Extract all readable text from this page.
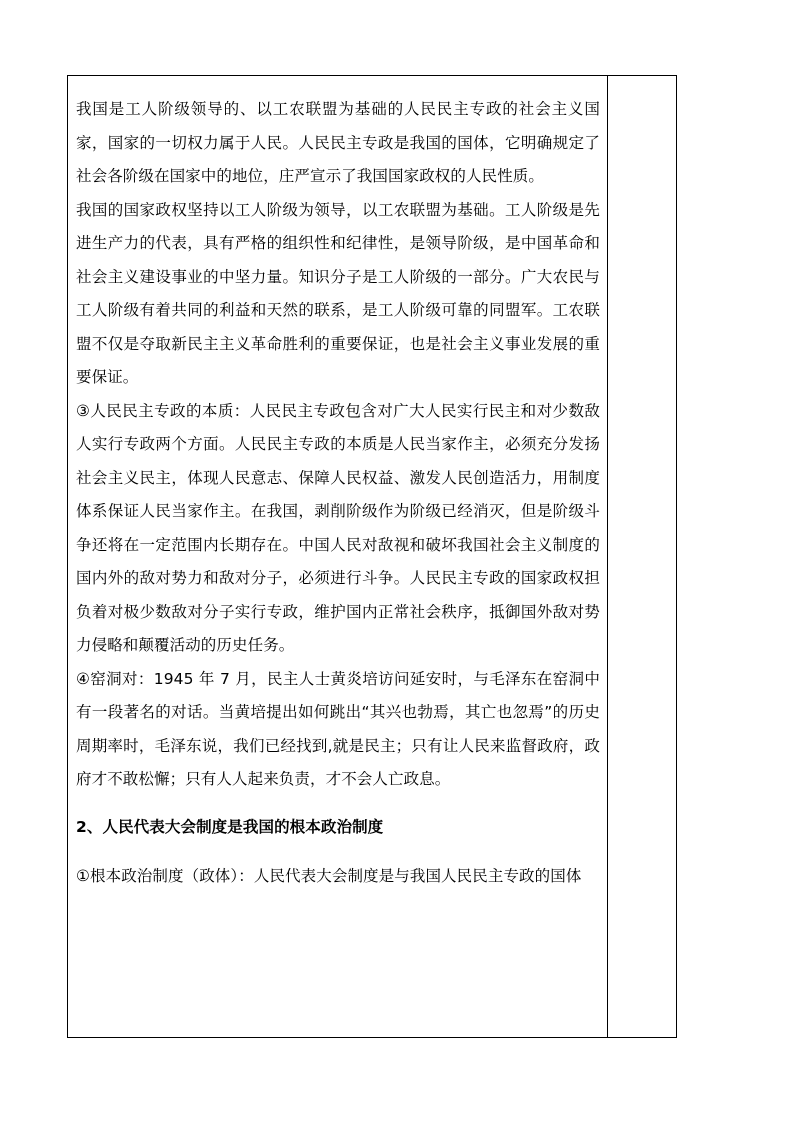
我国是工人阶级领导的、以工农联盟为基础的人民民主专政的社会主义国家，国家的一切权力属于人民。人民民主专政是我国的国体，它明确规定了社会各阶级在国家中的地位，庄严宣示了我国国家政权的人民性质。

我国的国家政权坚持以工人阶级为领导，以工农联盟为基础。工人阶级是先进生产力的代表，具有严格的组织性和纪律性，是领导阶级，是中国革命和社会主义建设事业的中坚力量。知识分子是工人阶级的一部分。广大农民与工人阶级有着共同的利益和天然的联系，是工人阶级可靠的同盟军。工农联盟不仅是夺取新民主主义革命胜利的重要保证，也是社会主义事业发展的重要保证。

③人民民主专政的本质：人民民主专政包含对广大人民实行民主和对少数敌人实行专政两个方面。人民民主专政的本质是人民当家作主，必须充分发扬社会主义民主，体现人民意志、保障人民权益、激发人民创造活力，用制度体系保证人民当家作主。在我国，剥削阶级作为阶级已经消灭，但是阶级斗争还将在一定范围内长期存在。中国人民对敌视和破坏我国社会主义制度的国内外的敌对势力和敌对分子，必须进行斗争。人民民主专政的国家政权担负着对极少数敌对分子实行专政，维护国内正常社会秩序，抵御国外敌对势力侵略和颠覆活动的历史任务。

④窑洞对：1945 年 7 月，民主人士黄炎培访问延安时，与毛泽东在窑洞中有一段著名的对话。当黄培提出如何跳出“其兴也勃焉，其亡也忽焉”的历史周期率时，毛泽东说，我们已经找到,就是民主；只有让人民来监督政府，政府才不敢松懈；只有人人起来负责，才不会人亡政息。

2、人民代表大会制度是我国的根本政治制度

①根本政治制度（政体）：人民代表大会制度是与我国人民民主专政的国体
